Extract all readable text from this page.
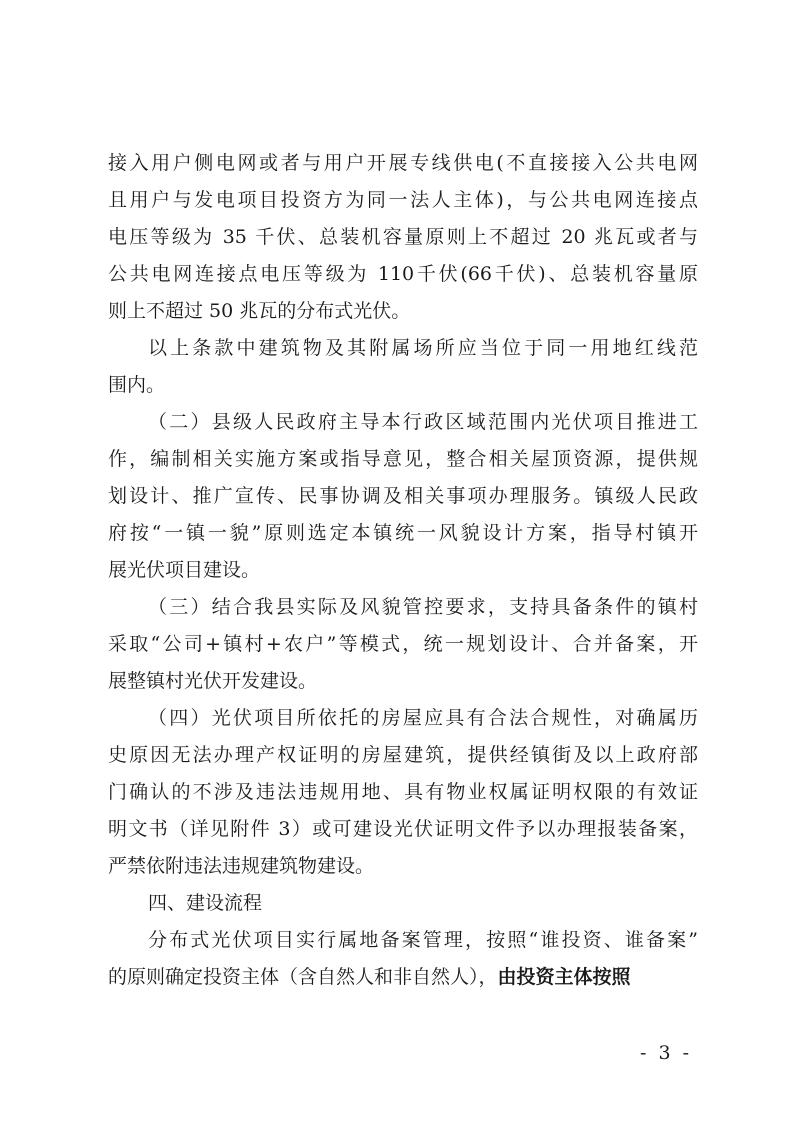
接入用户侧电网或者与用户开展专线供电(不直接接入公共电网
且用户与发电项目投资方为同一法人主体)，与公共电网连接点
电压等级为 35 千伏、总装机容量原则上不超过 20 兆瓦或者与
公共电网连接点电压等级为 110千伏(66千伏)、总装机容量原
则上不超过 50 兆瓦的分布式光伏。
以上条款中建筑物及其附属场所应当位于同一用地红线范
围内。
（二）县级人民政府主导本行政区域范围内光伏项目推进工
作，编制相关实施方案或指导意见，整合相关屋顶资源，提供规
划设计、推广宣传、民事协调及相关事项办理服务。镇级人民政
府按“一镇一貌”原则选定本镇统一风貌设计方案，指导村镇开
展光伏项目建设。
（三）结合我县实际及风貌管控要求，支持具备条件的镇村
采取“公司+镇村+农户”等模式，统一规划设计、合并备案，开
展整镇村光伏开发建设。
（四）光伏项目所依托的房屋应具有合法合规性，对确属历
史原因无法办理产权证明的房屋建筑，提供经镇街及以上政府部
门确认的不涉及违法违规用地、具有物业权属证明权限的有效证
明文书（详见附件 3）或可建设光伏证明文件予以办理报装备案，
严禁依附违法违规建筑物建设。
四、建设流程
分布式光伏项目实行属地备案管理，按照“谁投资、谁备案”
的原则确定投资主体（含自然人和非自然人），由投资主体按照
- 3 -
